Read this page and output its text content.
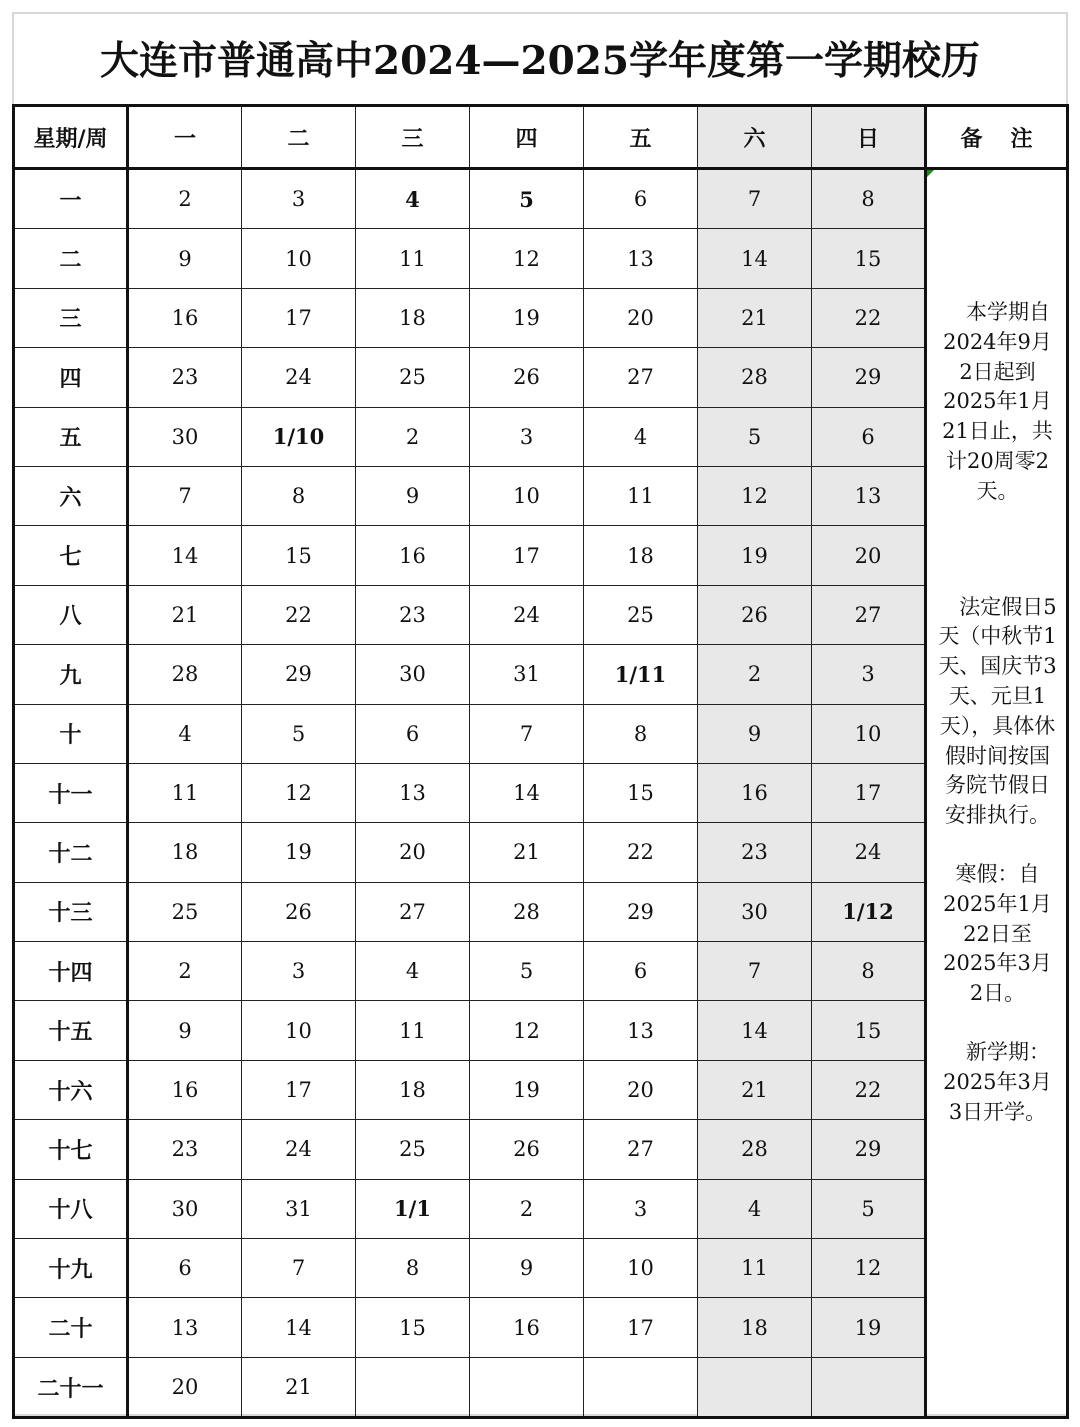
大连市普通高中2024—2025学年度第一学期校历
星期/周	一	二	三	四	五	六	日	备注
一	2	3	4	5	6	7	8	　本学期自2024年9月2日起到2025年1月21日止，共计20周零2天。
　法定假日5天（中秋节1天、国庆节3天、元旦1天），具体休假时间按国务院节假日安排执行。
寒假：自2025年1月22日至2025年3月2日。
　新学期：2025年3月3日开学。

二	9	10	11	12	13	14	15	
三	16	17	18	19	20	21	22	
四	23	24	25	26	27	28	29	
五	30	1/10	2	3	4	5	6	
六	7	8	9	10	11	12	13	
七	14	15	16	17	18	19	20	
八	21	22	23	24	25	26	27	
九	28	29	30	31	1/11	2	3	
十	4	5	6	7	8	9	10	
十一	11	12	13	14	15	16	17	
十二	18	19	20	21	22	23	24	
十三	25	26	27	28	29	30	1/12	
十四	2	3	4	5	6	7	8	
十五	9	10	11	12	13	14	15	
十六	16	17	18	19	20	21	22	
十七	23	24	25	26	27	28	29	
十八	30	31	1/1	2	3	4	5	
十九	6	7	8	9	10	11	12	
二十	13	14	15	16	17	18	19	
二十一	20	21						
